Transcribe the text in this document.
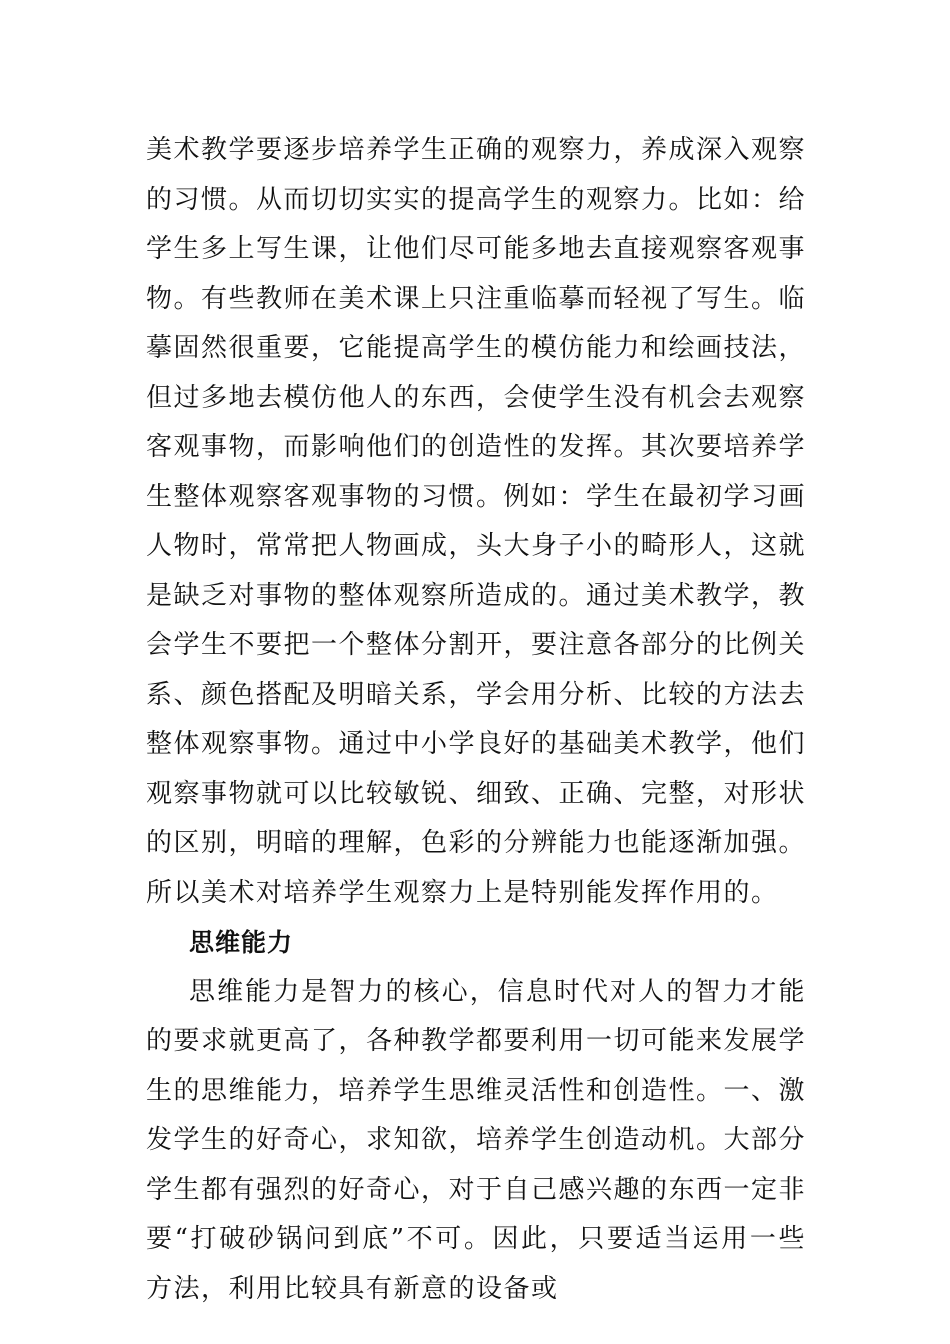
美术教学要逐步培养学生正确的观察力，养成深入观察的习惯。从而切切实实的提高学生的观察力。比如：给学生多上写生课，让他们尽可能多地去直接观察客观事物。有些教师在美术课上只注重临摹而轻视了写生。临摹固然很重要，它能提高学生的模仿能力和绘画技法，但过多地去模仿他人的东西，会使学生没有机会去观察客观事物，而影响他们的创造性的发挥。其次要培养学生整体观察客观事物的习惯。例如：学生在最初学习画人物时，常常把人物画成，头大身子小的畸形人，这就是缺乏对事物的整体观察所造成的。通过美术教学，教会学生不要把一个整体分割开，要注意各部分的比例关系、颜色搭配及明暗关系，学会用分析、比较的方法去整体观察事物。通过中小学良好的基础美术教学，他们观察事物就可以比较敏锐、细致、正确、完整，对形状的区别，明暗的理解，色彩的分辨能力也能逐渐加强。所以美术对培养学生观察力上是特别能发挥作用的。

思维能力

思维能力是智力的核心，信息时代对人的智力才能的要求就更高了，各种教学都要利用一切可能来发展学生的思维能力，培养学生思维灵活性和创造性。一、激发学生的好奇心，求知欲，培养学生创造动机。大部分学生都有强烈的好奇心，对于自己感兴趣的东西一定非要“打破砂锅问到底”不可。因此，只要适当运用一些方法，利用比较具有新意的设备或
